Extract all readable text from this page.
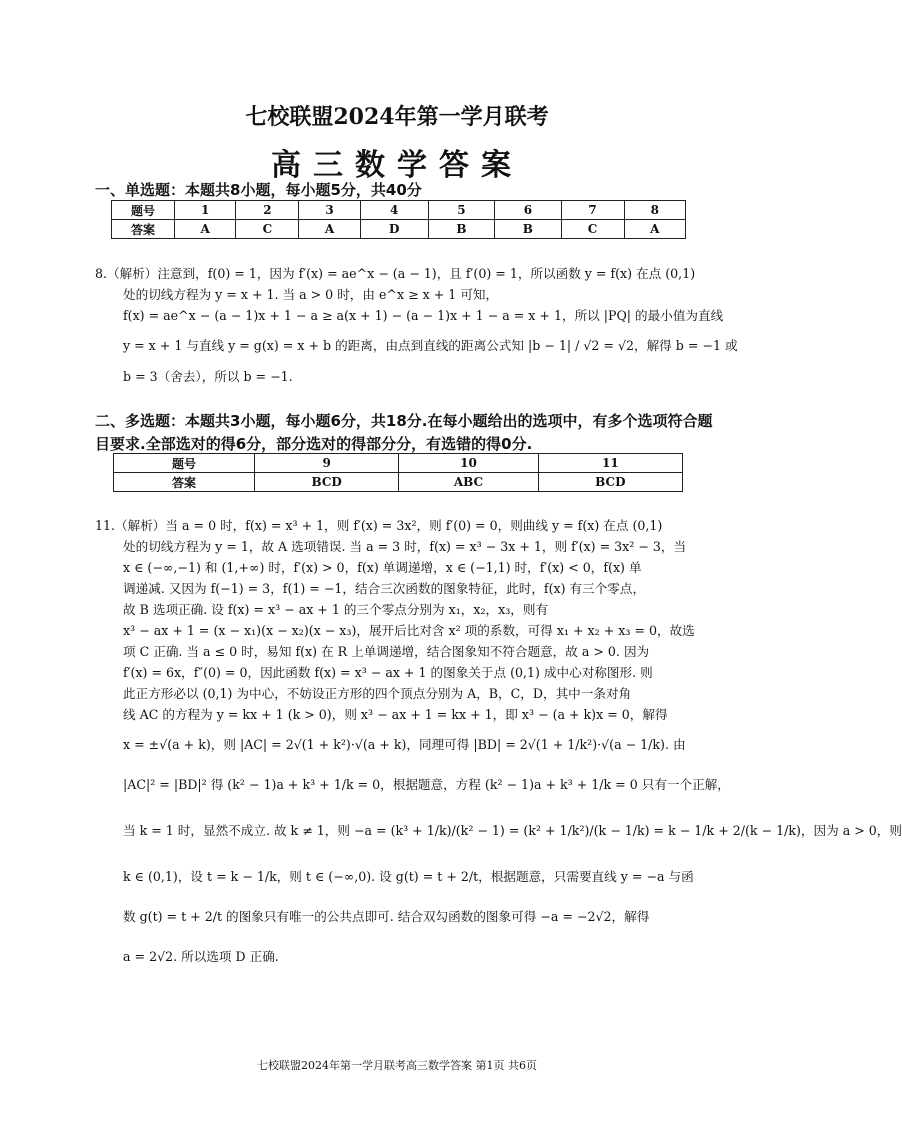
七校联盟2024年第一学月联考
高三数学答案
一、单选题：本题共8小题，每小题5分，共40分
题号	1	2	3	4	5	6	7	8
答案	A	C	A	D	B	B	C	A
8.（解析）注意到，f(0) = 1，因为 f′(x) = ae^x − (a − 1)，且 f′(0) = 1，所以函数 y = f(x) 在点 (0,1)
处的切线方程为 y = x + 1. 当 a > 0 时，由 e^x ≥ x + 1 可知，
f(x) = ae^x − (a − 1)x + 1 − a ≥ a(x + 1) − (a − 1)x + 1 − a = x + 1，所以 |PQ| 的最小值为直线
y = x + 1 与直线 y = g(x) = x + b 的距离，由点到直线的距离公式知 |b − 1| / √2 = √2，解得 b = −1 或
b = 3（舍去），所以 b = −1.
二、多选题：本题共3小题，每小题6分，共18分.在每小题给出的选项中，有多个选项符合题目要求.全部选对的得6分，部分选对的得部分分，有选错的得0分.
题号	9	10	11
答案	BCD	ABC	BCD
11.（解析）当 a = 0 时，f(x) = x³ + 1，则 f′(x) = 3x²，则 f′(0) = 0，则曲线 y = f(x) 在点 (0,1)
处的切线方程为 y = 1，故 A 选项错误. 当 a = 3 时，f(x) = x³ − 3x + 1，则 f′(x) = 3x² − 3，当
x ∈ (−∞,−1) 和 (1,+∞) 时，f′(x) > 0，f(x) 单调递增，x ∈ (−1,1) 时，f′(x) < 0，f(x) 单
调递减. 又因为 f(−1) = 3，f(1) = −1，结合三次函数的图象特征，此时，f(x) 有三个零点，
故 B 选项正确. 设 f(x) = x³ − ax + 1 的三个零点分别为 x₁，x₂，x₃，则有
x³ − ax + 1 = (x − x₁)(x − x₂)(x − x₃)，展开后比对含 x² 项的系数，可得 x₁ + x₂ + x₃ = 0，故选
项 C 正确. 当 a ≤ 0 时，易知 f(x) 在 R 上单调递增，结合图象知不符合题意，故 a > 0. 因为
f′(x) = 6x，f″(0) = 0，因此函数 f(x) = x³ − ax + 1 的图象关于点 (0,1) 成中心对称图形. 则
此正方形必以 (0,1) 为中心，不妨设正方形的四个顶点分别为 A，B，C，D，其中一条对角
线 AC 的方程为 y = kx + 1 (k > 0)，则 x³ − ax + 1 = kx + 1，即 x³ − (a + k)x = 0，解得
x = ±√(a + k)，则 |AC| = 2√(1 + k²)·√(a + k)，同理可得 |BD| = 2√(1 + 1/k²)·√(a − 1/k). 由
|AC|² = |BD|² 得 (k² − 1)a + k³ + 1/k = 0，根据题意，方程 (k² − 1)a + k³ + 1/k = 0 只有一个正解，
当 k = 1 时，显然不成立. 故 k ≠ 1，则 −a = (k³ + 1/k)/(k² − 1) = (k² + 1/k²)/(k − 1/k) = k − 1/k + 2/(k − 1/k)，因为 a > 0，则
k ∈ (0,1)，设 t = k − 1/k，则 t ∈ (−∞,0). 设 g(t) = t + 2/t，根据题意，只需要直线 y = −a 与函
数 g(t) = t + 2/t 的图象只有唯一的公共点即可. 结合双勾函数的图象可得 −a = −2√2，解得
a = 2√2. 所以选项 D 正确.
七校联盟2024年第一学月联考高三数学答案 第1页 共6页
